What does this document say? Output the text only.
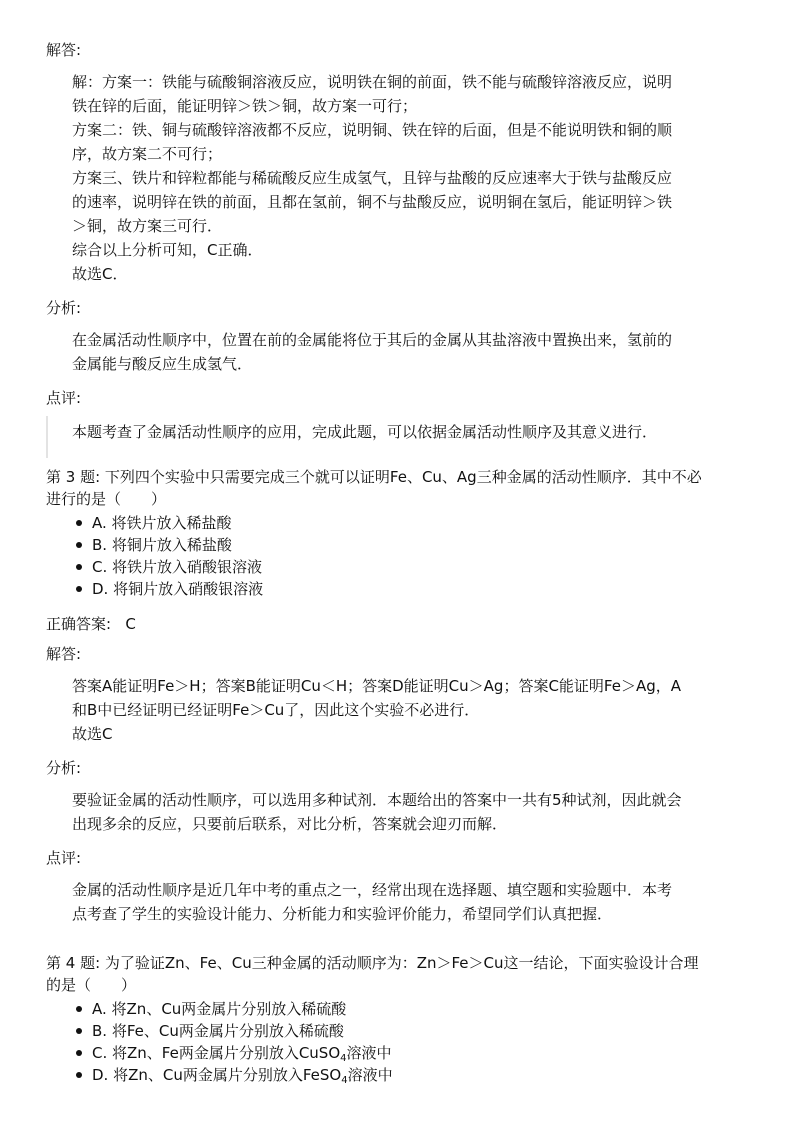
解答:

解：方案一：铁能与硫酸铜溶液反应，说明铁在铜的前面，铁不能与硫酸锌溶液反应，说明

铁在锌的后面，能证明锌＞铁＞铜，故方案一可行；

方案二：铁、铜与硫酸锌溶液都不反应，说明铜、铁在锌的后面，但是不能说明铁和铜的顺

序，故方案二不可行；

方案三、铁片和锌粒都能与稀硫酸反应生成氢气，且锌与盐酸的反应速率大于铁与盐酸反应

的速率，说明锌在铁的前面，且都在氢前，铜不与盐酸反应，说明铜在氢后，能证明锌＞铁

＞铜，故方案三可行．

综合以上分析可知，C正确．

故选C．

分析:

在金属活动性顺序中，位置在前的金属能将位于其后的金属从其盐溶液中置换出来，氢前的

金属能与酸反应生成氢气．

点评:

本题考查了金属活动性顺序的应用，完成此题，可以依据金属活动性顺序及其意义进行．

第 3 题: 下列四个实验中只需要完成三个就可以证明Fe、Cu、Ag三种金属的活动性顺序．其中不必

进行的是（　　）

A. 将铁片放入稀盐酸
B. 将铜片放入稀盐酸
C. 将铁片放入硝酸银溶液
D. 将铜片放入硝酸银溶液

正确答案: C

解答:

答案A能证明Fe＞H；答案B能证明Cu＜H；答案D能证明Cu＞Ag；答案C能证明Fe＞Ag，A

和B中已经证明已经证明Fe＞Cu了，因此这个实验不必进行．

故选C

分析:

要验证金属的活动性顺序，可以选用多种试剂．本题给出的答案中一共有5种试剂，因此就会

出现多余的反应，只要前后联系，对比分析，答案就会迎刃而解．

点评:

金属的活动性顺序是近几年中考的重点之一，经常出现在选择题、填空题和实验题中．本考

点考查了学生的实验设计能力、分析能力和实验评价能力，希望同学们认真把握．

第 4 题: 为了验证Zn、Fe、Cu三种金属的活动顺序为：Zn＞Fe＞Cu这一结论，下面实验设计合理

的是（　　）

A. 将Zn、Cu两金属片分别放入稀硫酸
B. 将Fe、Cu两金属片分别放入稀硫酸
C. 将Zn、Fe两金属片分别放入CuSO$_4$溶液中
D. 将Zn、Cu两金属片分别放入FeSO$_4$溶液中
